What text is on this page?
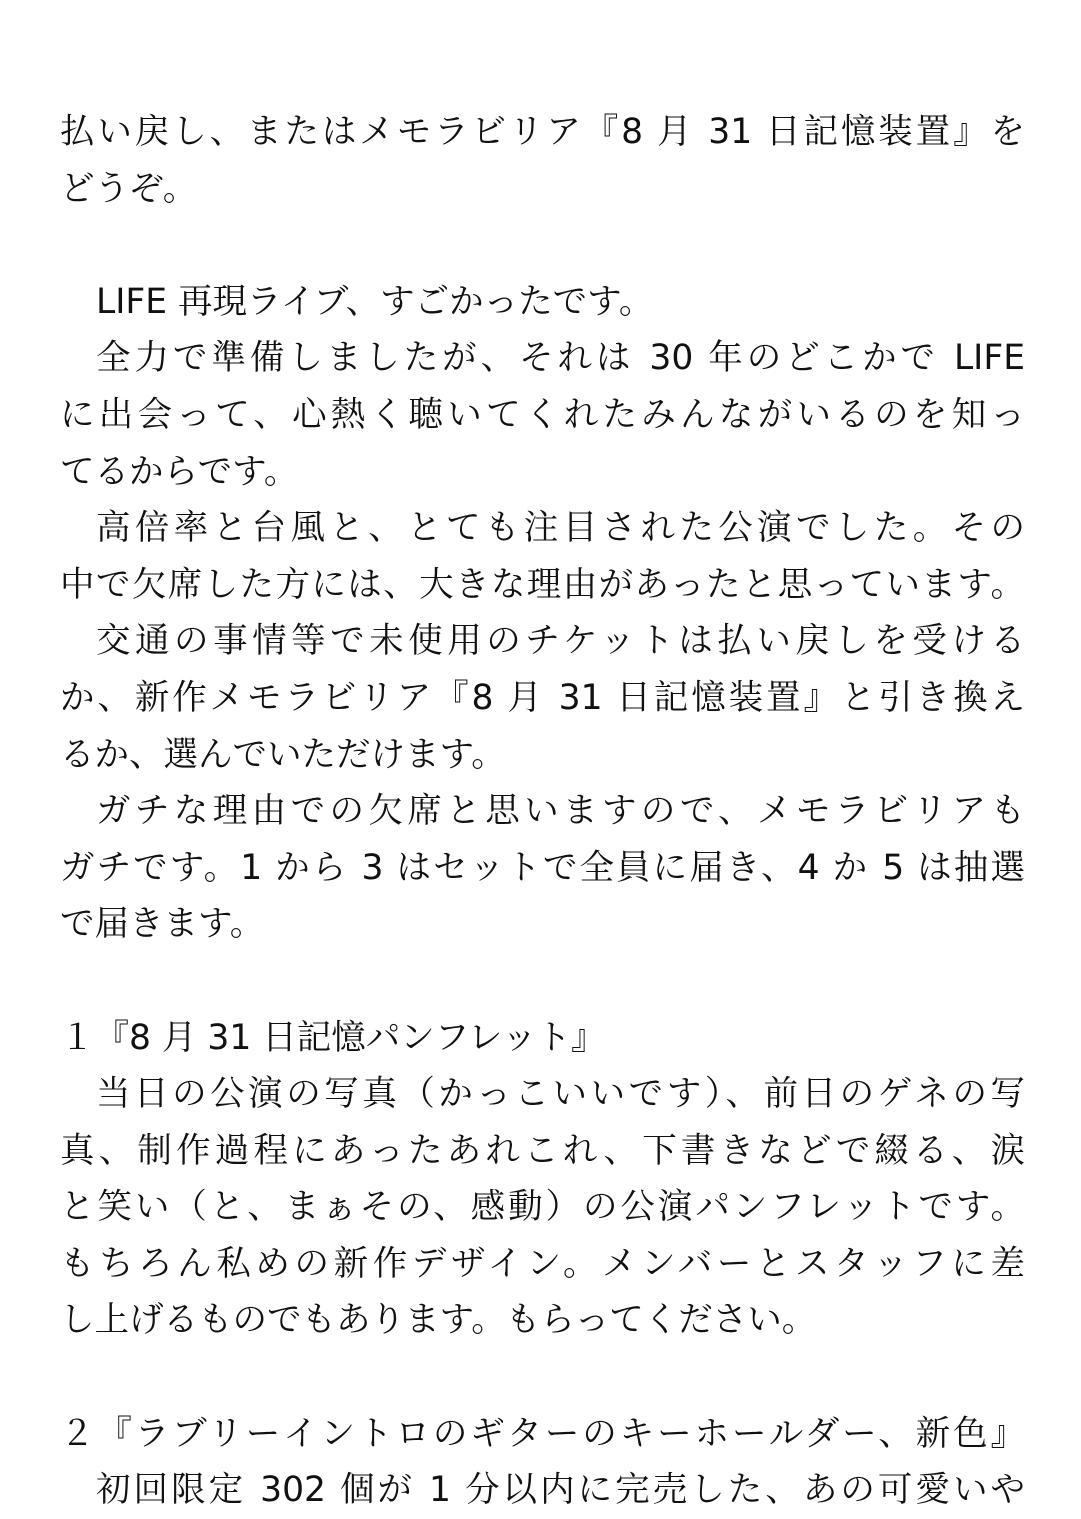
払い戻し、またはメモラビリア『8 月 31 日記憶装置』を
どうぞ。
LIFE 再現ライブ、すごかったです。
全力で準備しましたが、それは 30 年のどこかで LIFE
に出会って、心熱く聴いてくれたみんながいるのを知っ
てるからです。
高倍率と台風と、とても注目された公演でした。その
中で欠席した方には、大きな理由があったと思っています。
交通の事情等で未使用のチケットは払い戻しを受ける
か、新作メモラビリア『8 月 31 日記憶装置』と引き換え
るか、選んでいただけます。
ガチな理由での欠席と思いますので、メモラビリアも
ガチです。1 から 3 はセットで全員に届き、4 か 5 は抽選
で届きます。
１『8 月 31 日記憶パンフレット』
当日の公演の写真（かっこいいです）、前日のゲネの写
真、制作過程にあったあれこれ、下書きなどで綴る、涙
と笑い（と、まぁその、感動）の公演パンフレットです。
もちろん私めの新作デザイン。メンバーとスタッフに差
し上げるものでもあります。もらってください。
２『ラブリーイントロのギターのキーホールダー、新色』
初回限定 302 個が 1 分以内に完売した、あの可愛いや
